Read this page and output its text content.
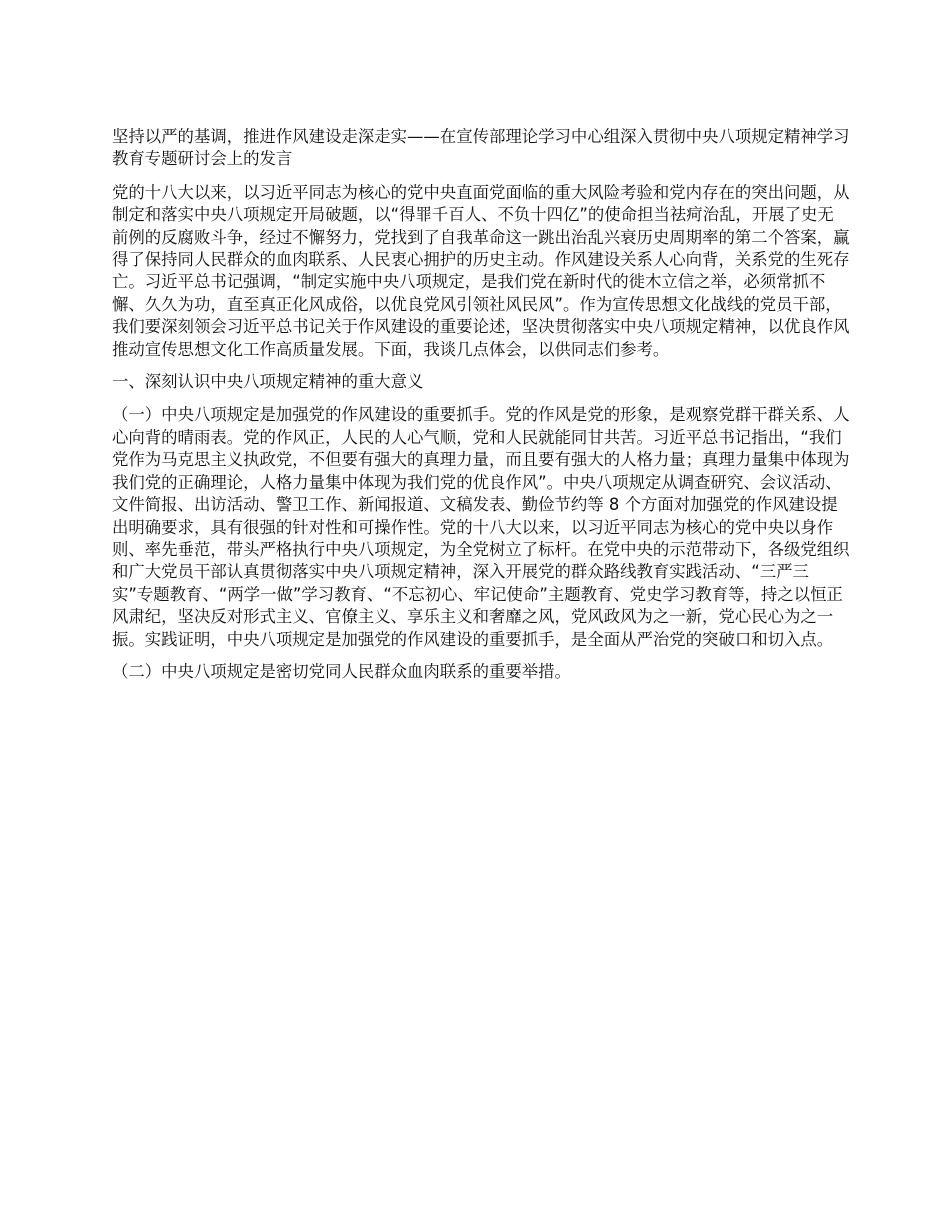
坚持以严的基调，推进作风建设走深走实——在宣传部理论学习中心组深入贯彻中央八项规定精神学习教育专题研讨会上的发言

党的十八大以来，以习近平同志为核心的党中央直面党面临的重大风险考验和党内存在的突出问题，从制定和落实中央八项规定开局破题，以“得罪千百人、不负十四亿”的使命担当祛疴治乱，开展了史无前例的反腐败斗争，经过不懈努力，党找到了自我革命这一跳出治乱兴衰历史周期率的第二个答案，赢得了保持同人民群众的血肉联系、人民衷心拥护的历史主动。作风建设关系人心向背，关系党的生死存亡。习近平总书记强调，“制定实施中央八项规定，是我们党在新时代的徙木立信之举，必须常抓不懈、久久为功，直至真正化风成俗，以优良党风引领社风民风”。作为宣传思想文化战线的党员干部，我们要深刻领会习近平总书记关于作风建设的重要论述，坚决贯彻落实中央八项规定精神，以优良作风推动宣传思想文化工作高质量发展。下面，我谈几点体会，以供同志们参考。

一、深刻认识中央八项规定精神的重大意义

（一）中央八项规定是加强党的作风建设的重要抓手。党的作风是党的形象，是观察党群干群关系、人心向背的晴雨表。党的作风正，人民的人心气顺，党和人民就能同甘共苦。习近平总书记指出，“我们党作为马克思主义执政党，不但要有强大的真理力量，而且要有强大的人格力量；真理力量集中体现为我们党的正确理论，人格力量集中体现为我们党的优良作风”。中央八项规定从调查研究、会议活动、文件简报、出访活动、警卫工作、新闻报道、文稿发表、勤俭节约等 8 个方面对加强党的作风建设提出明确要求，具有很强的针对性和可操作性。党的十八大以来，以习近平同志为核心的党中央以身作则、率先垂范，带头严格执行中央八项规定，为全党树立了标杆。在党中央的示范带动下，各级党组织和广大党员干部认真贯彻落实中央八项规定精神，深入开展党的群众路线教育实践活动、“三严三实”专题教育、“两学一做”学习教育、“不忘初心、牢记使命”主题教育、党史学习教育等，持之以恒正风肃纪，坚决反对形式主义、官僚主义、享乐主义和奢靡之风，党风政风为之一新，党心民心为之一振。实践证明，中央八项规定是加强党的作风建设的重要抓手，是全面从严治党的突破口和切入点。

（二）中央八项规定是密切党同人民群众血肉联系的重要举措。
